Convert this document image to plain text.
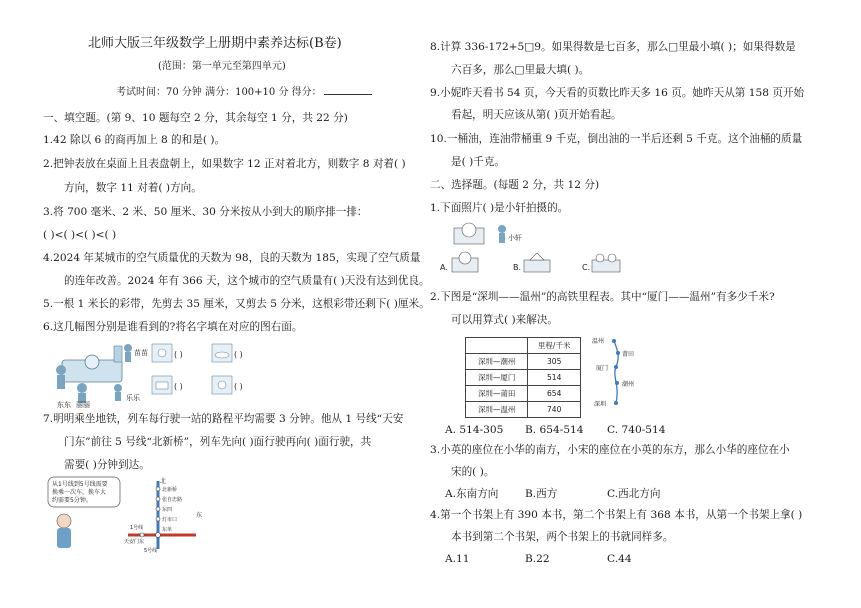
北师大版三年级数学上册期中素养达标(B卷)
(范围：第一单元至第四单元)
考试时间：70 分钟 满分：100+10 分 得分：
一、填空题。(第 9、10 题每空 2 分，其余每空 1 分，共 22 分)
1.42 除以 6 的商再加上 8 的和是( )。
2.把钟表放在桌面上且表盘朝上，如果数字 12 正对着北方，则数字 8 对着( )
方向，数字 11 对着( )方向。
3.将 700 毫米、2 米、50 厘米、30 分米按从小到大的顺序排一排：
( )<( )<( )<( )
4.2024 年某城市的空气质量优的天数为 98，良的天数为 185，实现了空气质量
的连年改善。2024 年有 366 天，这个城市的空气质量有( )天没有达到优良。
5.一根 1 米长的彩带，先剪去 35 厘米，又剪去 5 分米，这根彩带还剩下( )厘米。
6.这几幅图分别是谁看到的?将名字填在对应的图右面。
苗苗
东东 丽丽
乐乐
( )	( )
( )	( )
7.明明乘坐地铁，列车每行驶一站的路程平均需要 3 分钟。他从 1 号线“天安
门东”前往 5 号线“北新桥”，列车先向( )面行驶再向( )面行驶，共
需要( )分钟到达。
从1号线到5号线需要
换乘一次车，换车大
约需要5分钟。
北
东
北新桥
张自忠路
东四
灯市口
东单
1号线
5号线
天安门东
8.计算 336-172+5□9。如果得数是七百多，那么□里最小填( )；如果得数是
六百多，那么□里最大填( )。
9.小妮昨天看书 54 页，今天看的页数比昨天多 16 页。她昨天从第 158 页开始
看起，明天应该从第( )页开始看起。
10.一桶油，连油带桶重 9 千克，倒出油的一半后还剩 5 千克。这个油桶的质量
是( )千克。
二、选择题。(每题 2 分，共 12 分)
1.下面照片( )是小轩拍摄的。
小轩
A.	B.	C.
2.下图是“深圳——温州”的高铁里程表。其中“厦门——温州”有多少千米?
可以用算式( )来解决。
	里程/千米
深圳—潮州	305
深圳—厦门	514
深圳—莆田	654
深圳—温州	740
温州
莆田
厦门
潮州
深圳
A. 514-305 B. 654-514 C. 740-514
3.小英的座位在小华的南方，小宋的座位在小英的东方，那么小华的座位在小
宋的( )。
A.东南方向	B.西方	C.西北方向
4.第一个书架上有 390 本书，第二个书架上有 368 本书，从第一个书架上拿( )
本书到第二个书架，两个书架上的书就同样多。
A.11	B.22	C.44
